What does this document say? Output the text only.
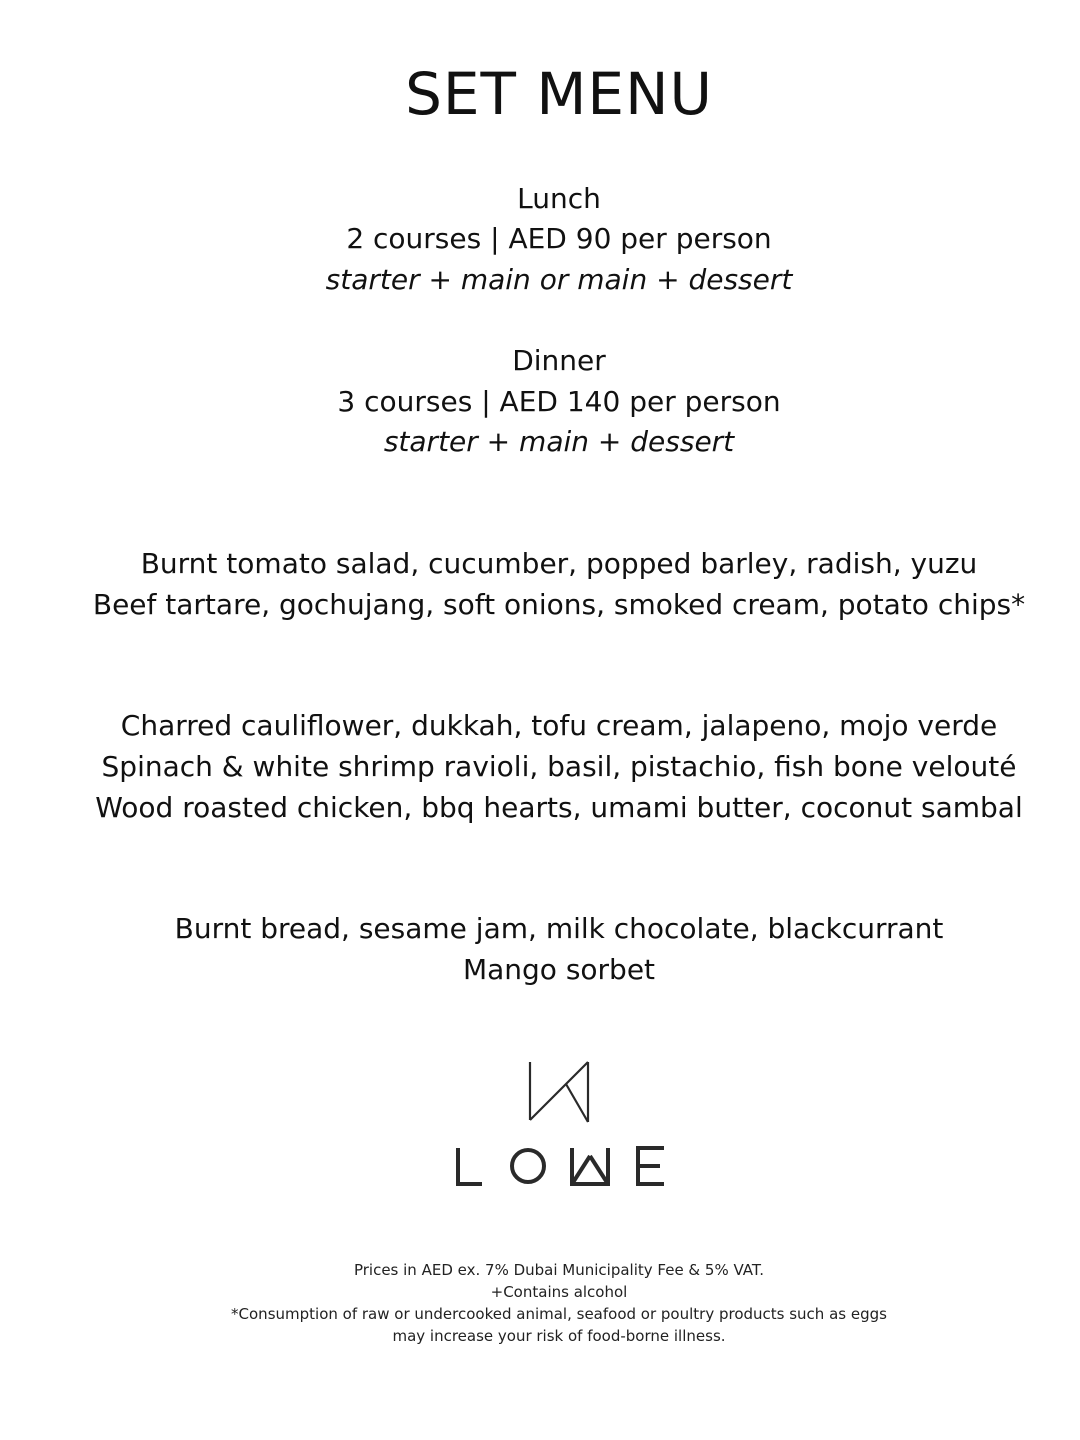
SET MENU
Lunch
2 courses | AED 90 per person
starter + main or main + dessert
Dinner
3 courses | AED 140 per person
starter + main + dessert
Burnt tomato salad, cucumber, popped barley, radish, yuzu
Beef tartare, gochujang, soft onions, smoked cream, potato chips*
Charred cauliflower, dukkah, tofu cream, jalapeno, mojo verde
Spinach & white shrimp ravioli, basil, pistachio, fish bone velouté
Wood roasted chicken, bbq hearts, umami butter, coconut sambal
Burnt bread, sesame jam, milk chocolate, blackcurrant
Mango sorbet
Prices in AED ex. 7% Dubai Municipality Fee & 5% VAT.
+Contains alcohol
*Consumption of raw or undercooked animal, seafood or poultry products such as eggs
may increase your risk of food-borne illness.
